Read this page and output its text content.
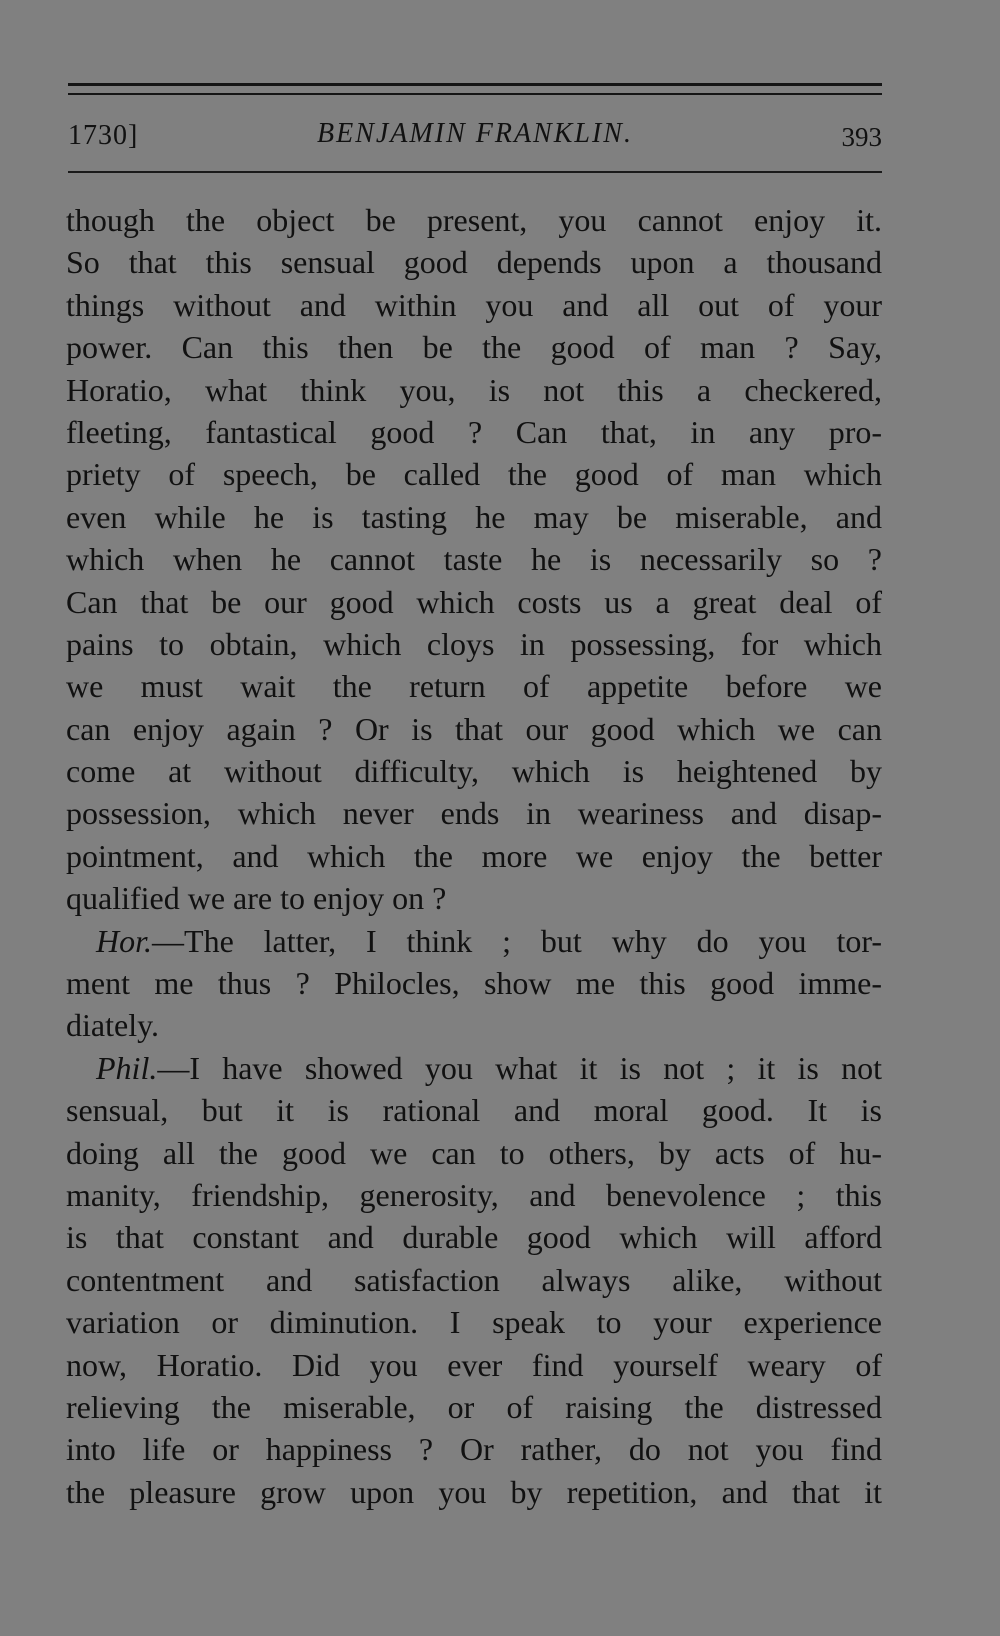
1730]	BENJAMIN FRANKLIN.	393
though the object be present, you cannot enjoy it.
So that this sensual good depends upon a thousand
things without and within you and all out of your
power. Can this then be the good of man ? Say,
Horatio, what think you, is not this a checkered,
fleeting, fantastical good ? Can that, in any pro-
priety of speech, be called the good of man which
even while he is tasting he may be miserable, and
which when he cannot taste he is necessarily so ?
Can that be our good which costs us a great deal of
pains to obtain, which cloys in possessing, for which
we must wait the return of appetite before we
can enjoy again ? Or is that our good which we can
come at without difficulty, which is heightened by
possession, which never ends in weariness and disap-
pointment, and which the more we enjoy the better
qualified we are to enjoy on ?
Hor.—The latter, I think ; but why do you tor-
ment me thus ? Philocles, show me this good imme-
diately.
Phil.—I have showed you what it is not ; it is not
sensual, but it is rational and moral good. It is
doing all the good we can to others, by acts of hu-
manity, friendship, generosity, and benevolence ; this
is that constant and durable good which will afford
contentment and satisfaction always alike, without
variation or diminution. I speak to your experience
now, Horatio. Did you ever find yourself weary of
relieving the miserable, or of raising the distressed
into life or happiness ? Or rather, do not you find
the pleasure grow upon you by repetition, and that it
